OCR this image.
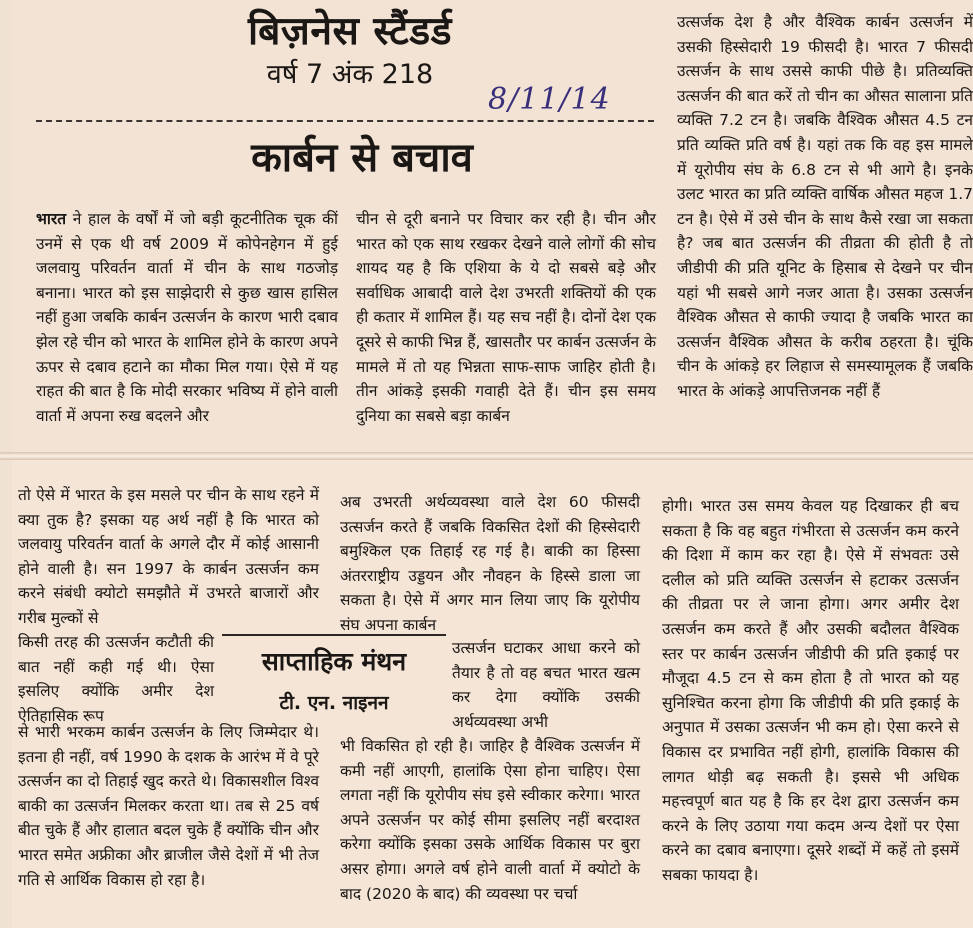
बिज़नेस स्टैंडर्ड
वर्ष 7 अंक 218
8/11/14
कार्बन से बचाव

भारत ने हाल के वर्षों में जो बड़ी कूटनीतिक चूक कीं उनमें से एक थी वर्ष 2009 में कोपेनहेगन में हुई जलवायु परिवर्तन वार्ता में चीन के साथ गठजोड़ बनाना। भारत को इस साझेदारी से कुछ खास हासिल नहीं हुआ जबकि कार्बन उत्सर्जन के कारण भारी दबाव झेल रहे चीन को भारत के शामिल होने के कारण अपने ऊपर से दबाव हटाने का मौका मिल गया। ऐसे में यह राहत की बात है कि मोदी सरकार भविष्य में होने वाली वार्ता में अपना रुख बदलने और

चीन से दूरी बनाने पर विचार कर रही है। चीन और भारत को एक साथ रखकर देखने वाले लोगों की सोच शायद यह है कि एशिया के ये दो सबसे बड़े और सर्वाधिक आबादी वाले देश उभरती शक्तियों की एक ही कतार में शामिल हैं। यह सच नहीं है। दोनों देश एक दूसरे से काफी भिन्न हैं, खासतौर पर कार्बन उत्सर्जन के मामले में तो यह भिन्नता साफ-साफ जाहिर होती है। तीन आंकड़े इसकी गवाही देते हैं। चीन इस समय दुनिया का सबसे बड़ा कार्बन

उत्सर्जक देश है और वैश्विक कार्बन उत्सर्जन में उसकी हिस्सेदारी 19 फीसदी है। भारत 7 फीसदी उत्सर्जन के साथ उससे काफी पीछे है। प्रतिव्यक्ति उत्सर्जन की बात करें तो चीन का औसत सालाना प्रति व्यक्ति 7.2 टन है। जबकि वैश्विक औसत 4.5 टन प्रति व्यक्ति प्रति वर्ष है। यहां तक कि वह इस मामले में यूरोपीय संघ के 6.8 टन से भी आगे है। इनके उलट भारत का प्रति व्यक्ति वार्षिक औसत महज 1.7 टन है। ऐसे में उसे चीन के साथ कैसे रखा जा सकता है? जब बात उत्सर्जन की तीव्रता की होती है तो जीडीपी की प्रति यूनिट के हिसाब से देखने पर चीन यहां भी सबसे आगे नजर आता है। उसका उत्सर्जन वैश्विक औसत से काफी ज्यादा है जबकि भारत का उत्सर्जन वैश्विक औसत के करीब ठहरता है। चूंकि चीन के आंकड़े हर लिहाज से समस्यामूलक हैं जबकि भारत के आंकड़े आपत्तिजनक नहीं हैं

तो ऐसे में भारत के इस मसले पर चीन के साथ रहने में क्या तुक है? इसका यह अर्थ नहीं है कि भारत को जलवायु परिवर्तन वार्ता के अगले दौर में कोई आसानी होने वाली है। सन 1997 के कार्बन उत्सर्जन कम करने संबंधी क्योटो समझौते में उभरते बाजारों और गरीब मुल्कों से

किसी तरह की उत्सर्जन कटौती की बात नहीं कही गई थी। ऐसा इसलिए क्योंकि अमीर देश ऐतिहासिक रूप

से भारी भरकम कार्बन उत्सर्जन के लिए जिम्मेदार थे। इतना ही नहीं, वर्ष 1990 के दशक के आरंभ में वे पूरे उत्सर्जन का दो तिहाई खुद करते थे। विकासशील विश्व बाकी का उत्सर्जन मिलकर करता था। तब से 25 वर्ष बीत चुके हैं और हालात बदल चुके हैं क्योंकि चीन और भारत समेत अफ्रीका और ब्राजील जैसे देशों में भी तेज गति से आर्थिक विकास हो रहा है।

अब उभरती अर्थव्यवस्था वाले देश 60 फीसदी उत्सर्जन करते हैं जबकि विकसित देशों की हिस्सेदारी बमुश्किल एक तिहाई रह गई है। बाकी का हिस्सा अंतरराष्ट्रीय उड्डयन और नौवहन के हिस्से डाला जा सकता है। ऐसे में अगर मान लिया जाए कि यूरोपीय संघ अपना कार्बन

उत्सर्जन घटाकर आधा करने को तैयार है तो वह बचत भारत खत्म कर देगा क्योंकि उसकी अर्थव्यवस्था अभी

भी विकसित हो रही है। जाहिर है वैश्विक उत्सर्जन में कमी नहीं आएगी, हालांकि ऐसा होना चाहिए। ऐसा लगता नहीं कि यूरोपीय संघ इसे स्वीकार करेगा। भारत अपने उत्सर्जन पर कोई सीमा इसलिए नहीं बरदाश्त करेगा क्योंकि इसका उसके आर्थिक विकास पर बुरा असर होगा। अगले वर्ष होने वाली वार्ता में क्योटो के बाद (2020 के बाद) की व्यवस्था पर चर्चा

होगी। भारत उस समय केवल यह दिखाकर ही बच सकता है कि वह बहुत गंभीरता से उत्सर्जन कम करने की दिशा में काम कर रहा है। ऐसे में संभवतः उसे दलील को प्रति व्यक्ति उत्सर्जन से हटाकर उत्सर्जन की तीव्रता पर ले जाना होगा। अगर अमीर देश उत्सर्जन कम करते हैं और उसकी बदौलत वैश्विक स्तर पर कार्बन उत्सर्जन जीडीपी की प्रति इकाई पर मौजूदा 4.5 टन से कम होता है तो भारत को यह सुनिश्चित करना होगा कि जीडीपी की प्रति इकाई के अनुपात में उसका उत्सर्जन भी कम हो। ऐसा करने से विकास दर प्रभावित नहीं होगी, हालांकि विकास की लागत थोड़ी बढ़ सकती है। इससे भी अधिक महत्त्वपूर्ण बात यह है कि हर देश द्वारा उत्सर्जन कम करने के लिए उठाया गया कदम अन्य देशों पर ऐसा करने का दबाव बनाएगा। दूसरे शब्दों में कहें तो इसमें सबका फायदा है।

साप्ताहिक मंथन
टी. एन. नाइनन
